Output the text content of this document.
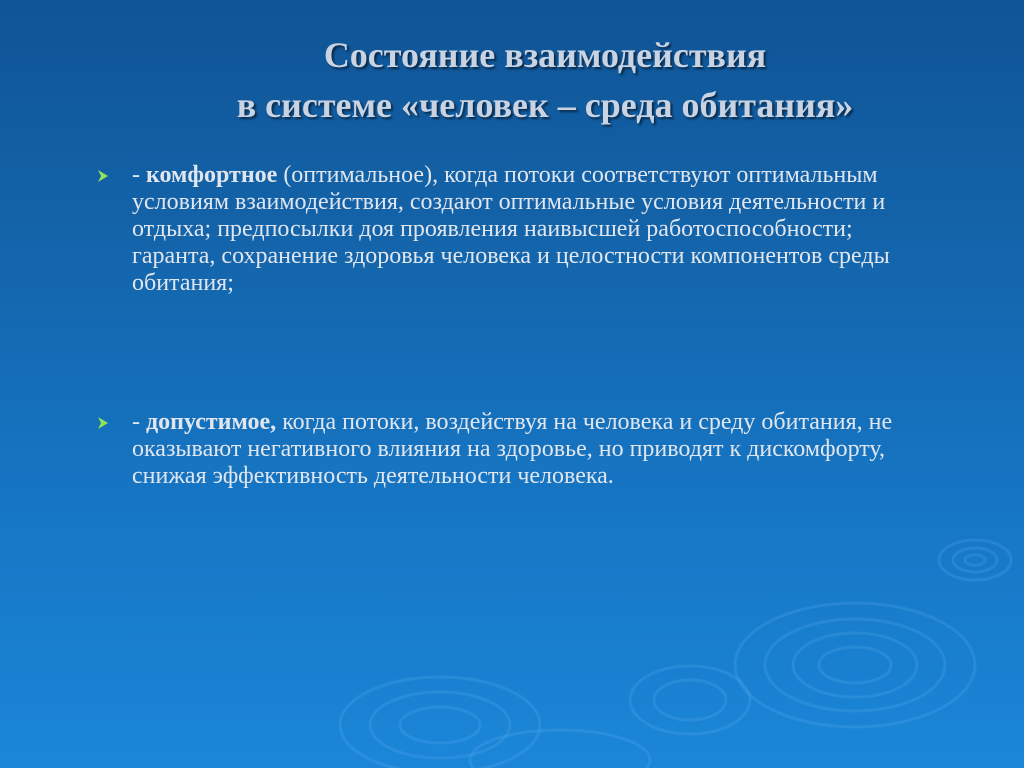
Состояние взаимодействия
в системе «человек – среда обитания»
- комфортное (оптимальное), когда потоки соответствуют оптимальным условиям взаимодействия, создают оптимальные условия деятельности и отдыха; предпосылки доя проявления наивысшей работоспособности; гаранта, сохранение здоровья человека и целостности компонентов среды обитания;
- допустимое, когда потоки, воздействуя на человека и среду обитания, не оказывают негативного влияния на здоровье, но приводят к дискомфорту, снижая эффективность деятельности человека.
